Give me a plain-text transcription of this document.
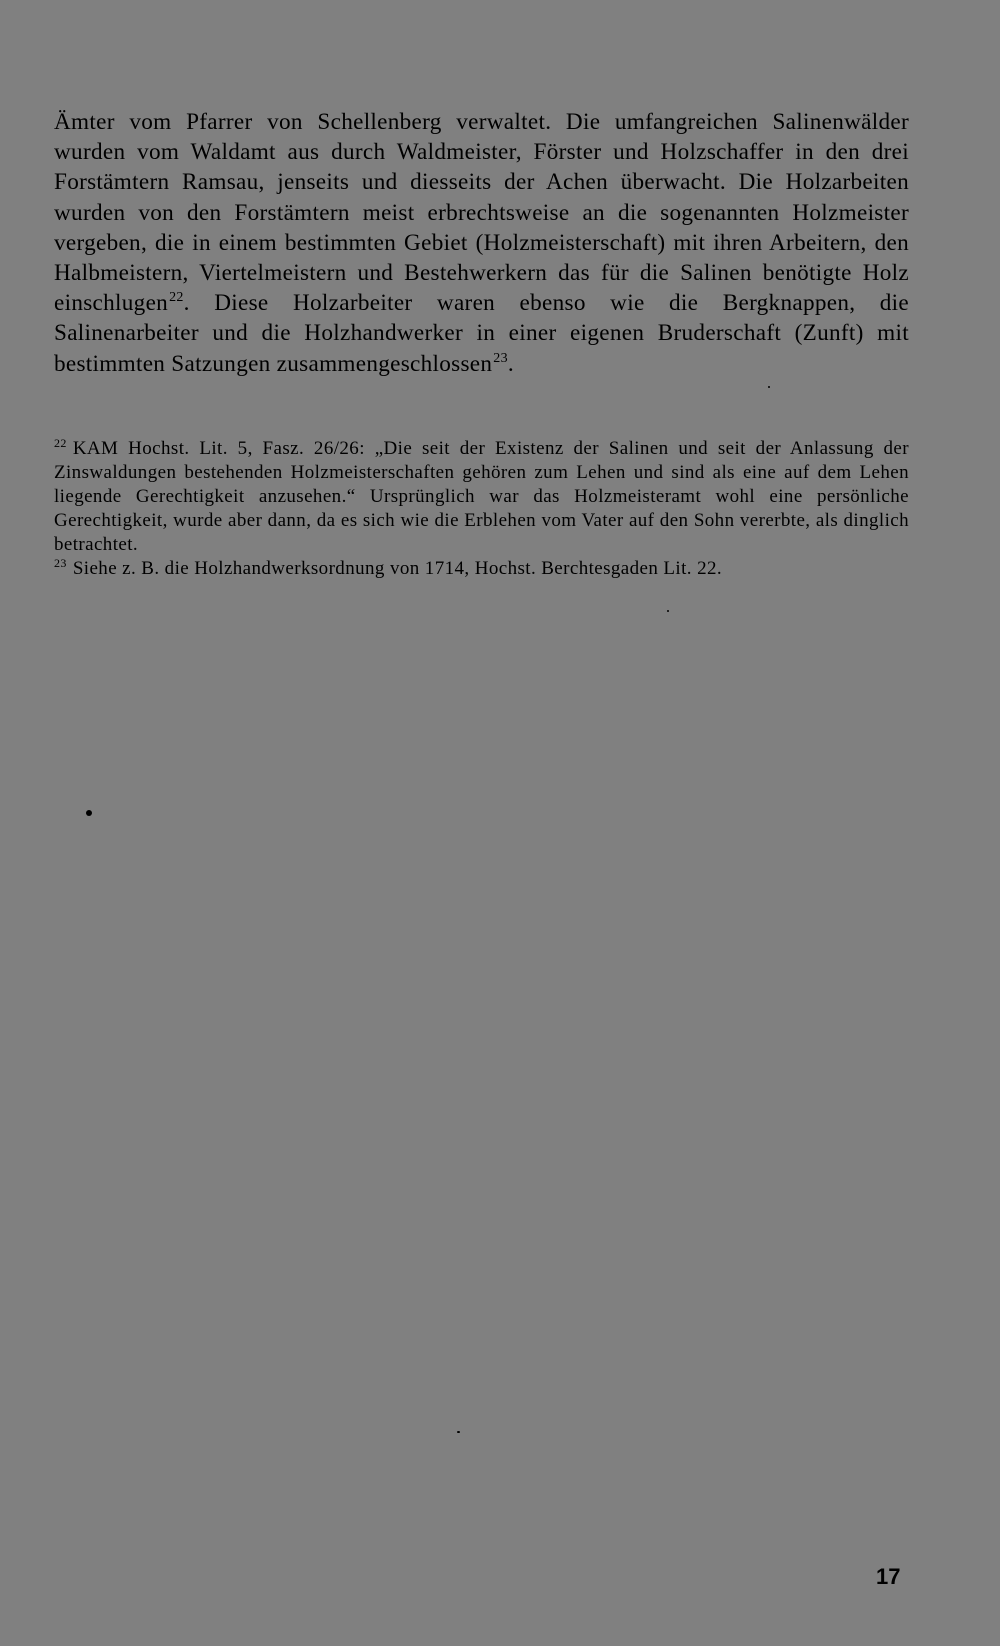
Ämter vom Pfarrer von Schellenberg verwaltet. Die umfangreichen Salinenwälder wurden vom Waldamt aus durch Waldmeister, Förster und Holzschaffer in den drei Forstämtern Ramsau, jenseits und diesseits der Achen überwacht. Die Holzarbeiten wurden von den Forstämtern meist erbrechtsweise an die sogenannten Holzmeister vergeben, die in einem bestimmten Gebiet (Holzmeisterschaft) mit ihren Arbeitern, den Halbmeistern, Viertelmeistern und Bestehwerkern das für die Salinen benötigte Holz einschlugen$^{22}$. Diese Holzarbeiter waren ebenso wie die Bergknappen, die Salinenarbeiter und die Holzhandwerker in einer eigenen Bruderschaft (Zunft) mit bestimmten Satzungen zusammengeschlossen$^{23}$.

$^{22}$ KAM Hochst. Lit. 5, Fasz. 26/26: „Die seit der Existenz der Salinen und seit der Anlassung der Zinswaldungen bestehenden Holzmeisterschaften gehören zum Lehen und sind als eine auf dem Lehen liegende Gerechtigkeit anzusehen.“ Ursprünglich war das Holzmeisteramt wohl eine persönliche Gerechtigkeit, wurde aber dann, da es sich wie die Erblehen vom Vater auf den Sohn vererbte, als dinglich betrachtet.

$^{23}$ Siehe z. B. die Holzhandwerksordnung von 1714, Hochst. Berchtesgaden Lit. 22.

17
